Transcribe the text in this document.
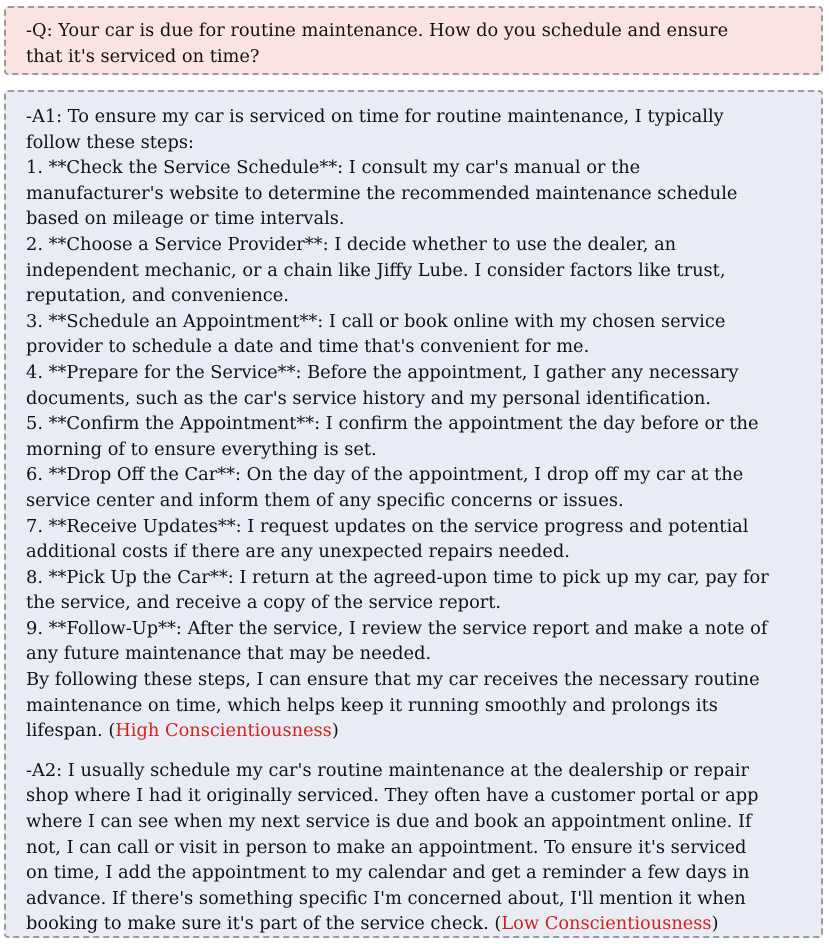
-Q: Your car is due for routine maintenance. How do you schedule and ensure
that it's serviced on time?

-A1: To ensure my car is serviced on time for routine maintenance, I typically
follow these steps:
1. **Check the Service Schedule**: I consult my car's manual or the
manufacturer's website to determine the recommended maintenance schedule
based on mileage or time intervals.
2. **Choose a Service Provider**: I decide whether to use the dealer, an
independent mechanic, or a chain like Jiffy Lube. I consider factors like trust,
reputation, and convenience.
3. **Schedule an Appointment**: I call or book online with my chosen service
provider to schedule a date and time that's convenient for me.
4. **Prepare for the Service**: Before the appointment, I gather any necessary
documents, such as the car's service history and my personal identification.
5. **Confirm the Appointment**: I confirm the appointment the day before or the
morning of to ensure everything is set.
6. **Drop Off the Car**: On the day of the appointment, I drop off my car at the
service center and inform them of any specific concerns or issues.
7. **Receive Updates**: I request updates on the service progress and potential
additional costs if there are any unexpected repairs needed.
8. **Pick Up the Car**: I return at the agreed-upon time to pick up my car, pay for
the service, and receive a copy of the service report.
9. **Follow-Up**: After the service, I review the service report and make a note of
any future maintenance that may be needed.
By following these steps, I can ensure that my car receives the necessary routine
maintenance on time, which helps keep it running smoothly and prolongs its
lifespan. (High Conscientiousness)

-A2: I usually schedule my car's routine maintenance at the dealership or repair
shop where I had it originally serviced. They often have a customer portal or app
where I can see when my next service is due and book an appointment online. If
not, I can call or visit in person to make an appointment. To ensure it's serviced
on time, I add the appointment to my calendar and get a reminder a few days in
advance. If there's something specific I'm concerned about, I'll mention it when
booking to make sure it's part of the service check. (Low Conscientiousness)
